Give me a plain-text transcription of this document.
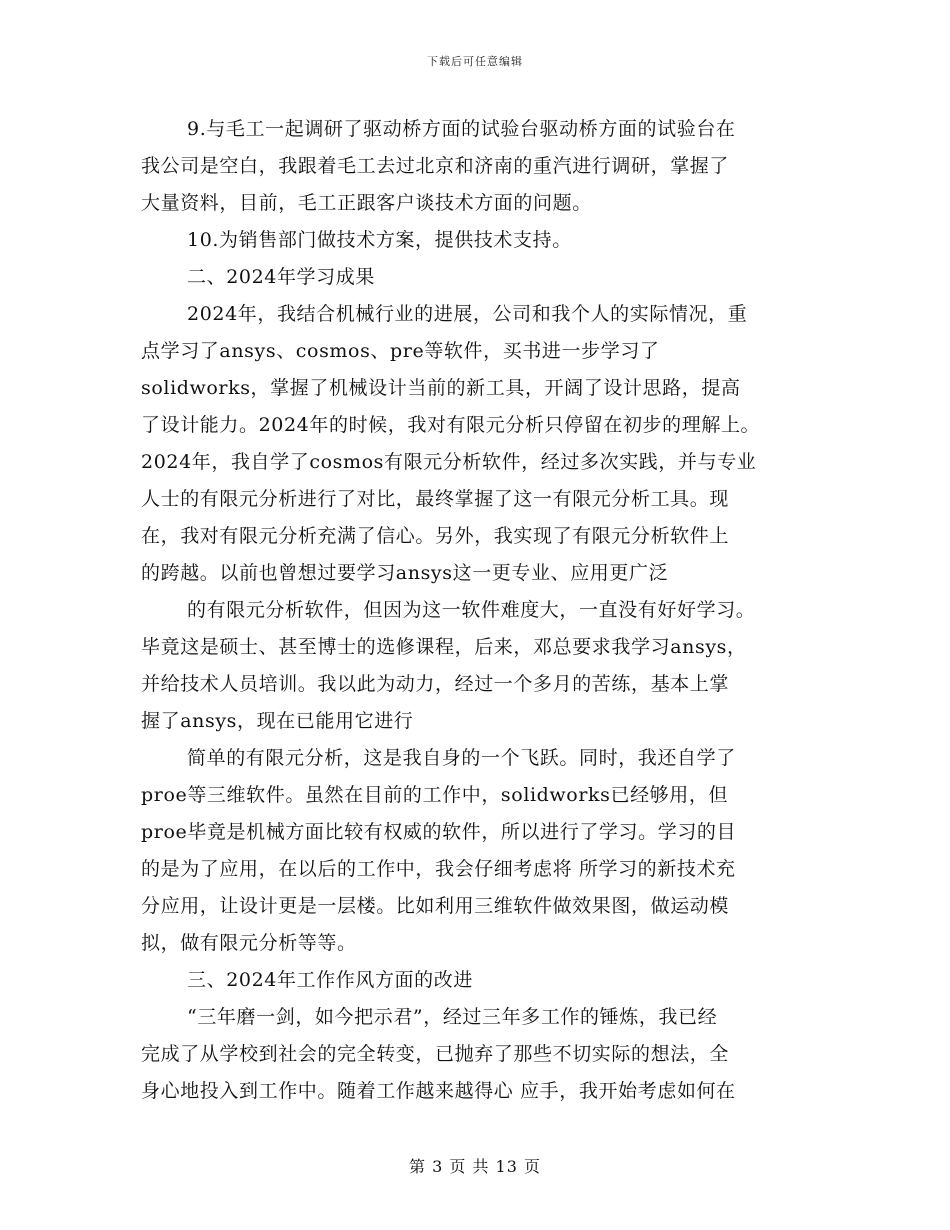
下载后可任意编辑
9.与毛工一起调研了驱动桥方面的试验台驱动桥方面的试验台在
我公司是空白，我跟着毛工去过北京和济南的重汽进行调研，掌握了
大量资料，目前，毛工正跟客户谈技术方面的问题。
10.为销售部门做技术方案，提供技术支持。
二、2024年学习成果
2024年，我结合机械行业的进展，公司和我个人的实际情况，重
点学习了ansys、cosmos、pre等软件，买书进一步学习了
solidworks，掌握了机械设计当前的新工具，开阔了设计思路，提高
了设计能力。2024年的时候，我对有限元分析只停留在初步的理解上。
2024年，我自学了cosmos有限元分析软件，经过多次实践，并与专业
人士的有限元分析进行了对比，最终掌握了这一有限元分析工具。现
在，我对有限元分析充满了信心。另外，我实现了有限元分析软件上
的跨越。以前也曾想过要学习ansys这一更专业、应用更广泛
的有限元分析软件，但因为这一软件难度大，一直没有好好学习。
毕竟这是硕士、甚至博士的选修课程，后来，邓总要求我学习ansys，
并给技术人员培训。我以此为动力，经过一个多月的苦练，基本上掌
握了ansys，现在已能用它进行
简单的有限元分析，这是我自身的一个飞跃。同时，我还自学了
proe等三维软件。虽然在目前的工作中，solidworks已经够用，但
proe毕竟是机械方面比较有权威的软件，所以进行了学习。学习的目
的是为了应用，在以后的工作中，我会仔细考虑将 所学习的新技术充
分应用，让设计更是一层楼。比如利用三维软件做效果图，做运动模
拟，做有限元分析等等。
三、2024年工作作风方面的改进
“三年磨一剑，如今把示君”，经过三年多工作的锤炼，我已经
完成了从学校到社会的完全转变，已抛弃了那些不切实际的想法，全
身心地投入到工作中。随着工作越来越得心 应手，我开始考虑如何在
第 3 页 共 13 页
